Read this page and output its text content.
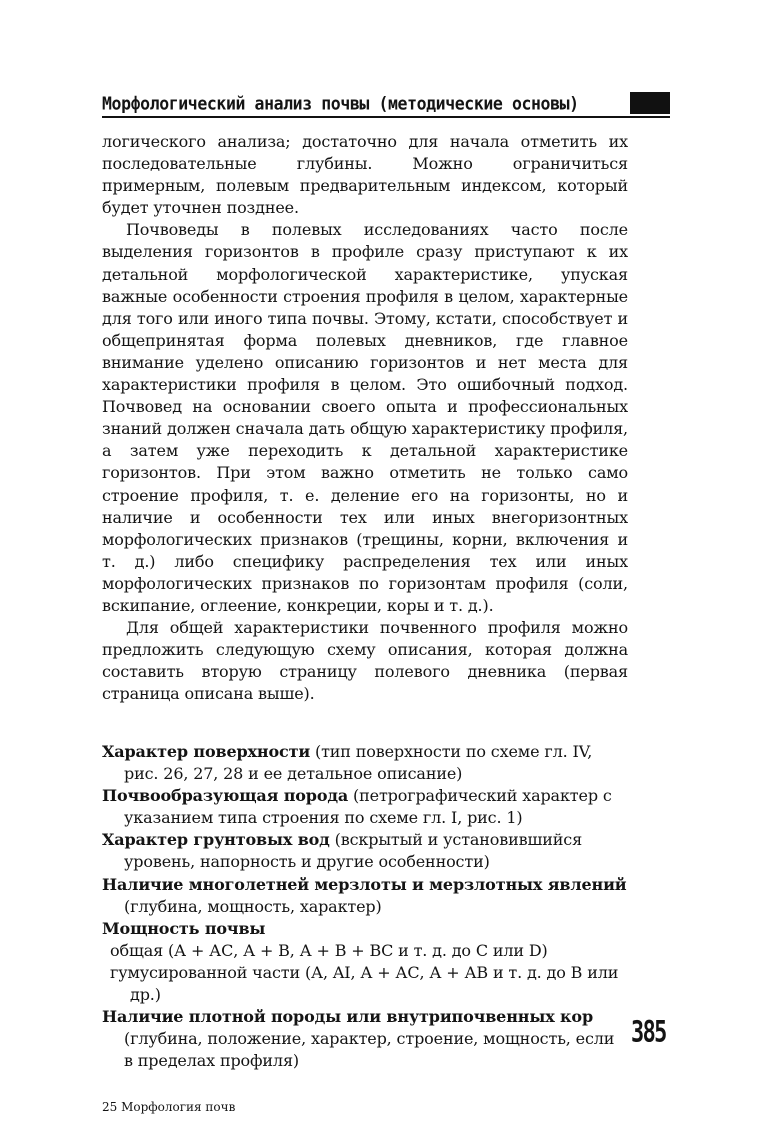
Морфологический анализ почвы (методические основы)

логического анализа; достаточно для начала отметить их последовательные глубины. Можно ограничиться примерным, полевым предварительным индексом, который будет уточнен позднее.

Почвоведы в полевых исследованиях часто после выделения горизонтов в профиле сразу приступают к их детальной морфологической характеристике, упуская важные особенности строения профиля в целом, характерные для того или иного типа почвы. Этому, кстати, способствует и общепринятая форма полевых дневников, где главное внимание уделено описанию горизонтов и нет места для характеристики профиля в целом. Это ошибочный подход. Почвовед на основании своего опыта и профессиональных знаний должен сначала дать общую характеристику профиля, а затем уже переходить к детальной характеристике горизонтов. При этом важно отметить не только само строение профиля, т. е. деление его на горизонты, но и наличие и особенности тех или иных внегоризонтных морфологических признаков (трещины, корни, включения и т. д.) либо специфику распределения тех или иных морфологических признаков по горизонтам профиля (соли, вскипание, оглеение, конкреции, коры и т. д.).

Для общей характеристики почвенного профиля можно предложить следующую схему описания, которая должна составить вторую страницу полевого дневника (первая страница описана выше).

Характер поверхности (тип поверхности по схеме гл. IV, рис. 26, 27, 28 и ее детальное описание)

Почвообразующая порода (петрографический характер с указанием типа строения по схеме гл. I, рис. 1)

Характер грунтовых вод (вскрытый и установившийся уровень, напорность и другие особенности)

Наличие многолетней мерзлоты и мерзлотных явлений (глубина, мощность, характер)

Мощность почвы

общая (А + АС, А + В, А + В + ВС и т. д. до С или D)

гумусированной части (А, AI, А + АС, А + АВ и т. д. до В или др.)

Наличие плотной породы или внутрипочвенных кор (глубина, положение, характер, строение, мощность, если в пределах профиля)

385
25 Морфология почв
